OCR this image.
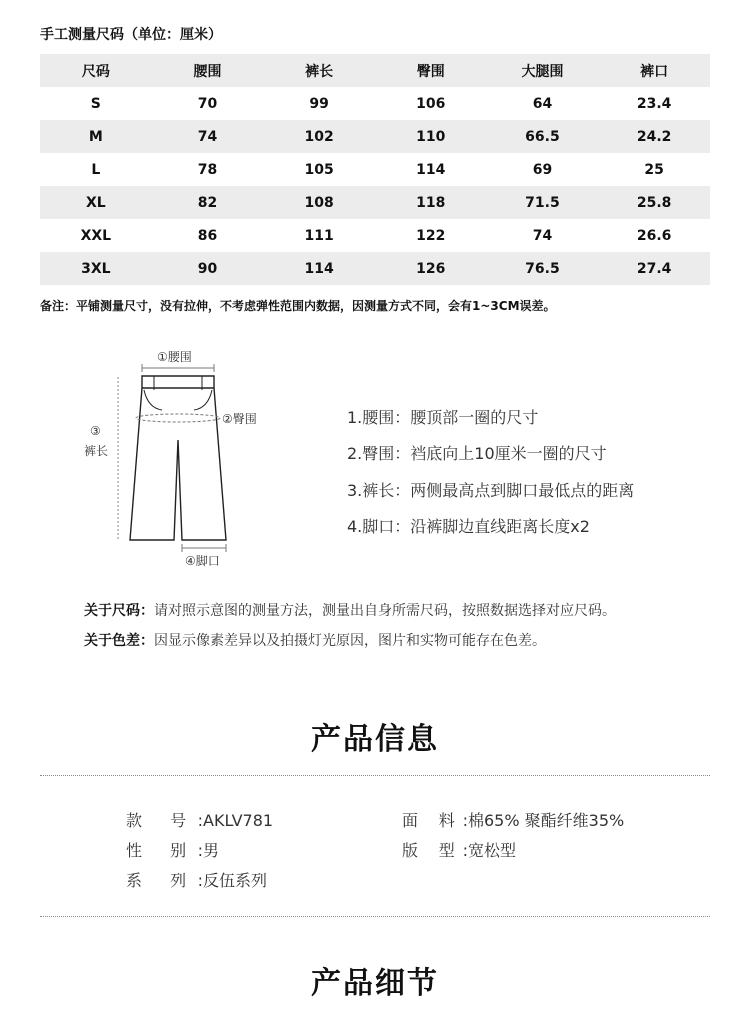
手工测量尺码（单位：厘米）
尺码	腰围	裤长	臀围	大腿围	裤口
S	70	99	106	64	23.4
M	74	102	110	66.5	24.2
L	78	105	114	69	25
XL	82	108	118	71.5	25.8
XXL	86	111	122	74	26.6
3XL	90	114	126	76.5	27.4
备注：平铺测量尺寸，没有拉伸，不考虑弹性范围内数据，因测量方式不同，会有1~3CM误差。
①腰围
②臀围
③
裤长
④脚口
1.腰围：腰顶部一圈的尺寸
2.臀围：裆底向上10厘米一圈的尺寸
3.裤长：两侧最高点到脚口最低点的距离
4.脚口：沿裤脚边直线距离长度x2
关于尺码：请对照示意图的测量方法，测量出自身所需尺码，按照数据选择对应尺码。
关于色差：因显示像素差异以及拍摄灯光原因，图片和实物可能存在色差。
产品信息
款 号:AKLV781	面 料:棉65% 聚酯纤维35%
性 别:男	版 型:宽松型
系 列:反伍系列
产品细节
